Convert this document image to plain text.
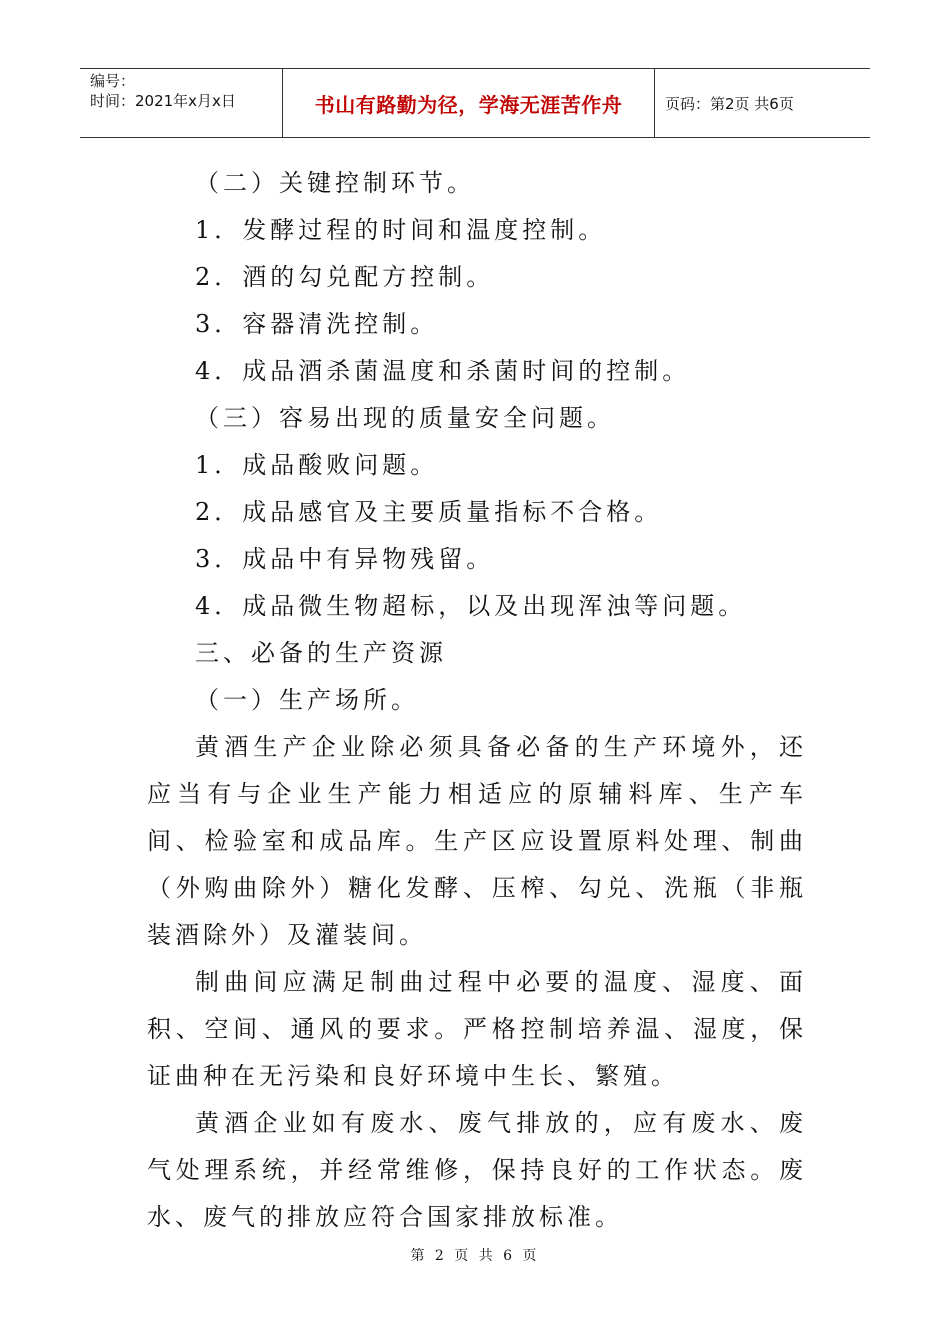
编号：
时间：2021年x月x日	书山有路勤为径，学海无涯苦作舟	页码：第2页 共6页

（二）关键控制环节。

1．发酵过程的时间和温度控制。

2．酒的勾兑配方控制。

3．容器清洗控制。

4．成品酒杀菌温度和杀菌时间的控制。

（三）容易出现的质量安全问题。

1．成品酸败问题。

2．成品感官及主要质量指标不合格。

3．成品中有异物残留。

4．成品微生物超标，以及出现浑浊等问题。

三、必备的生产资源

（一）生产场所。

黄酒生产企业除必须具备必备的生产环境外，还应当有与企业生产能力相适应的原辅料库、生产车间、检验室和成品库。生产区应设置原料处理、制曲（外购曲除外）糖化发酵、压榨、勾兑、洗瓶（非瓶装酒除外）及灌装间。

制曲间应满足制曲过程中必要的温度、湿度、面积、空间、通风的要求。严格控制培养温、湿度，保证曲种在无污染和良好环境中生长、繁殖。

黄酒企业如有废水、废气排放的，应有废水、废气处理系统，并经常维修，保持良好的工作状态。废水、废气的排放应符合国家排放标准。

第 2 页 共 6 页
